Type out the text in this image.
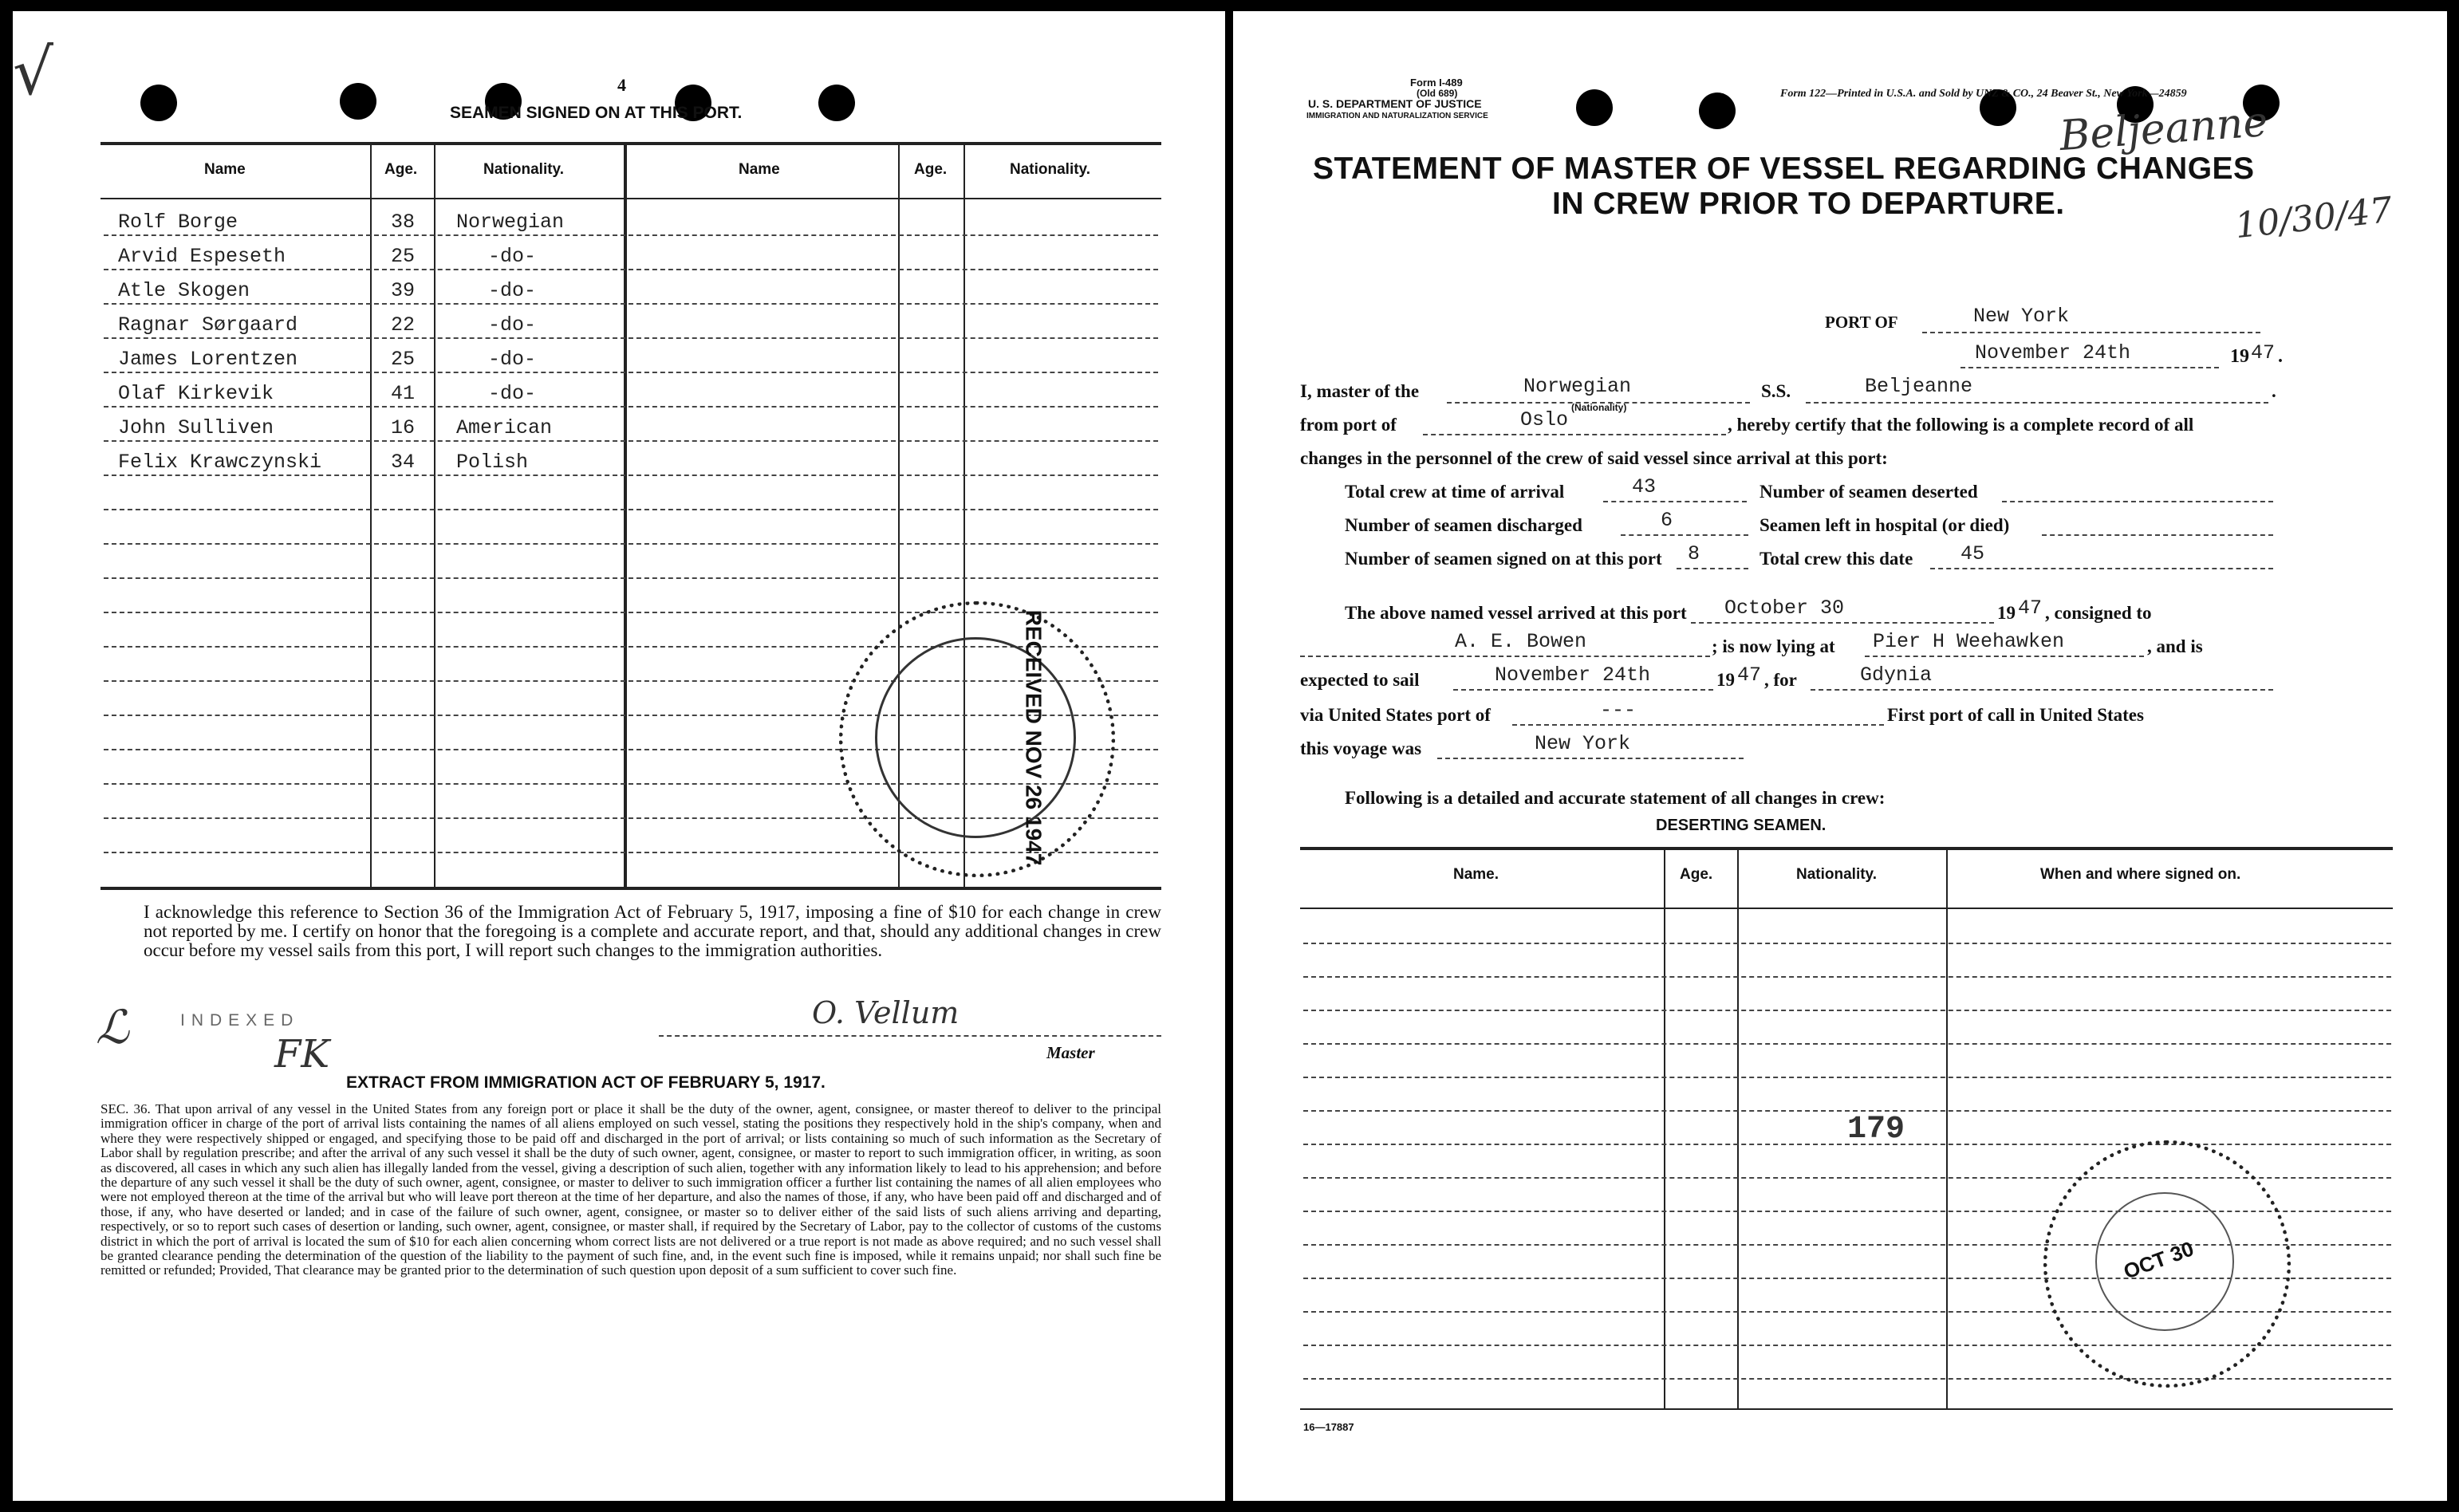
√	4
SEAMEN SIGNED ON AT THIS PORT.
Name	Age.	Nationality.	Name	Age.	Nationality.
Rolf Borge	38 Norwegian
Arvid Espeseth	25	-do-
Atle Skogen	39	-do-
Ragnar Sørgaard	22	-do-
James Lorentzen	25	-do-
Olaf Kirkevik	41	-do-
John Sulliven	16 American
Felix Krawczynski	34 Polish
RECEIVED NOV 26 1947
I acknowledge this reference to Section 36 of the Immigration Act of February 5, 1917, imposing a fine of $10 for each change in crew not reported by me. I certify on honor that the foregoing is a complete and accurate report, and that, should any additional changes in crew occur before my vessel sails from this port, I will report such changes to the immigration authorities.
ℒ	INDEXED
FK
O. Vellum
Master
EXTRACT FROM IMMIGRATION ACT OF FEBRUARY 5, 1917.
SEC. 36. That upon arrival of any vessel in the United States from any foreign port or place it shall be the duty of the owner, agent, consignee, or master thereof to deliver to the principal immigration officer in charge of the port of arrival lists containing the names of all aliens employed on such vessel, stating the positions they respectively hold in the ship's company, when and where they were respectively shipped or engaged, and specifying those to be paid off and discharged in the port of arrival; or lists containing so much of such information as the Secretary of Labor shall by regulation prescribe; and after the arrival of any such vessel it shall be the duty of such owner, agent, consignee, or master to report to such immigration officer, in writing, as soon as discovered, all cases in which any such alien has illegally landed from the vessel, giving a description of such alien, together with any information likely to lead to his apprehension; and before the departure of any such vessel it shall be the duty of such owner, agent, consignee, or master to deliver to such immigration officer a further list containing the names of all alien employees who were not employed thereon at the time of the arrival but who will leave port thereon at the time of her departure, and also the names of those, if any, who have been paid off and discharged and of those, if any, who have deserted or landed; and in case of the failure of such owner, agent, consignee, or master so to deliver either of the said lists of such aliens arriving and departing, respectively, or so to report such cases of desertion or landing, such owner, agent, consignee, or master shall, if required by the Secretary of Labor, pay to the collector of customs of the customs district in which the port of arrival is located the sum of $10 for each alien concerning whom correct lists are not delivered or a true report is not made as above required; and no such vessel shall be granted clearance pending the determination of the question of the liability to the payment of such fine, and, in the event such fine is imposed, while it remains unpaid; nor shall such fine be remitted or refunded; Provided, That clearance may be granted prior to the determination of such question upon deposit of a sum sufficient to cover such fine.
Form I-489
(Old 689)
U. S. DEPARTMENT OF JUSTICE
IMMIGRATION AND NATURALIZATION SERVICE
Form 122—Printed in U.S.A. and Sold by UNZ & CO., 24 Beaver St., New York—24859
Beljeanne
10/30/47
STATEMENT OF MASTER OF VESSEL REGARDING CHANGES
IN CREW PRIOR TO DEPARTURE.
PORT OF	New York
November 24th	19 47 .
I, master of the	Norwegian
(Nationality)
S.S.	Beljeanne	.
from port of	Oslo	, hereby certify that the following is a complete record of all
changes in the personnel of the crew of said vessel since arrival at this port:
Total crew at time of arrival	43	Number of seamen deserted
Number of seamen discharged	6	Seamen left in hospital (or died)
Number of seamen signed on at this port 8	Total crew this date 45
The above named vessel arrived at this port October 30	19 47 , consigned to
A. E. Bowen	; is now lying at Pier H Weehawken	, and is
expected to sail	November 24th	19 47 , for	Gdynia
via United States port of	---	First port of call in United States
this voyage was	New York
Following is a detailed and accurate statement of all changes in crew:
DESERTING SEAMEN.
Name.	Age.	Nationality.	When and where signed on.
179
OCT 30
16—17887
